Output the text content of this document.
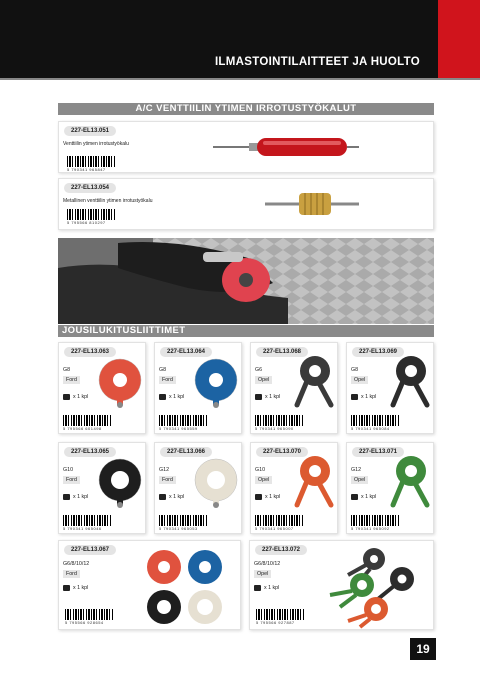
ILMASTOINTILAITTEET JA HUOLTO
A/C VENTTIILIN YTIMEN IRROTUSTYÖKALUT
227-EL13.051
Venttiilin ytimen irrotustyökalu
5 790341 965847
227-EL13.054
Metallinen venttiilin ytimen irrotustyökalu
5 795566 810297
JOUSILUKITUSLIITTIMET
227-EL13.063
G8
Ford
x 1 kpl
5 795566 601498
227-EL13.064
G8
Ford
x 1 kpl
5 790341 965559
227-EL13.068
G6
Opel
x 1 kpl
5 790341 965090
227-EL13.069
G8
Opel
x 1 kpl
5 790341 965084
227-EL13.065
G10
Ford
x 1 kpl
5 790341 965046
227-EL13.066
G12
Ford
x 1 kpl
5 790341 965053
227-EL13.070
G10
Opel
x 1 kpl
5 790341 965007
227-EL13.071
G12
Opel
x 1 kpl
5 790341 965092
227-EL13.067
G6/8/10/12
Ford
x 1 kpl
5 795566 928654
227-EL13.072
G6/8/10/12
Opel
x 1 kpl
5 795566 927887
19
